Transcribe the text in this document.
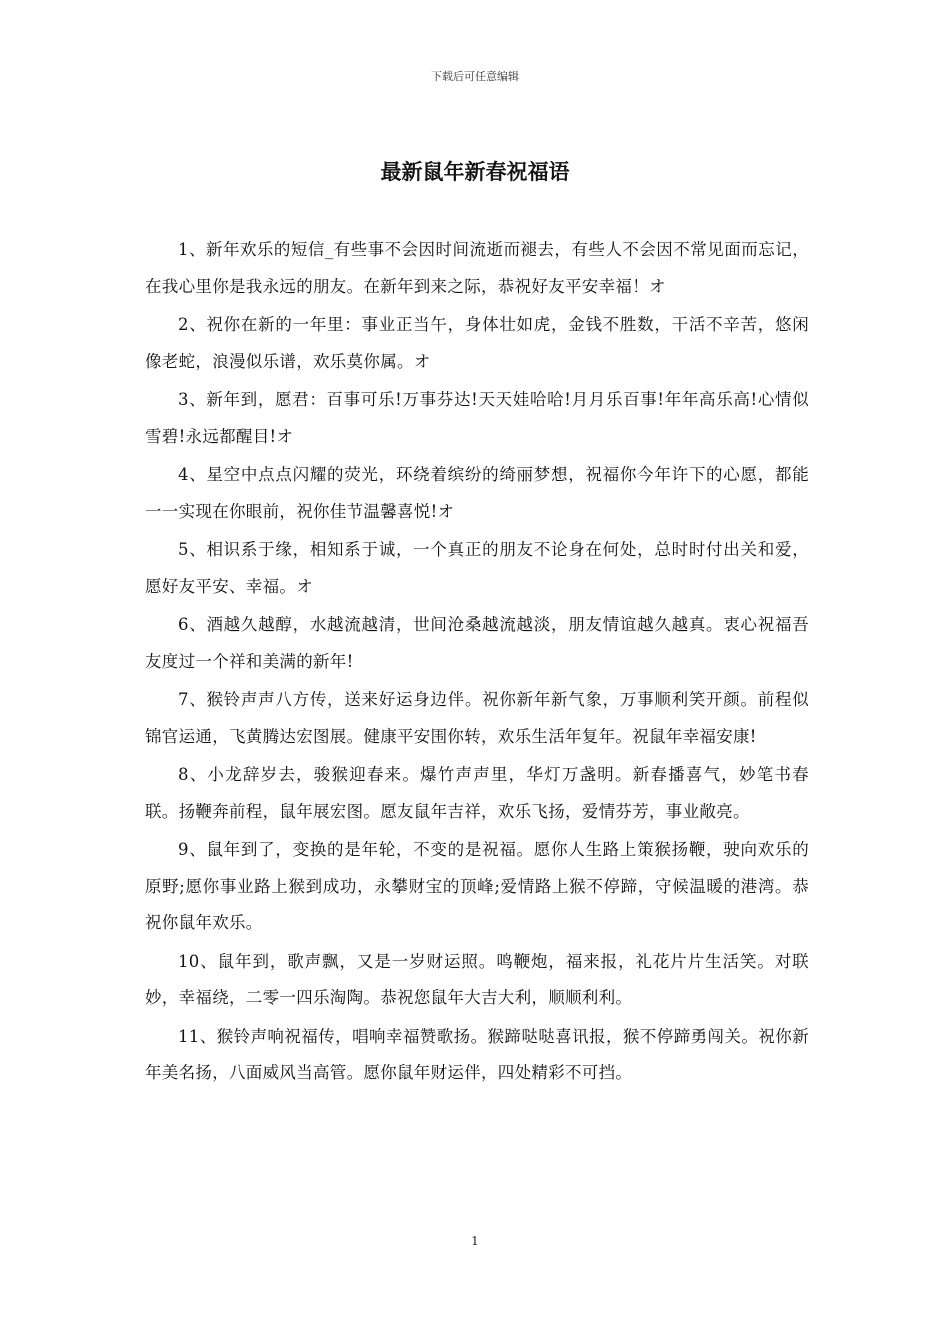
下载后可任意编辑
最新鼠年新春祝福语

1、新年欢乐的短信_有些事不会因时间流逝而褪去，有些人不会因不常见面而忘记，在我心里你是我永远的朋友。在新年到来之际，恭祝好友平安幸福！オ

2、祝你在新的一年里：事业正当午，身体壮如虎，金钱不胜数，干活不辛苦，悠闲像老蛇，浪漫似乐谱，欢乐莫你属。オ

3、新年到，愿君：百事可乐!万事芬达!天天娃哈哈!月月乐百事!年年高乐高!心情似雪碧!永远都醒目!オ

4、星空中点点闪耀的荧光，环绕着缤纷的绮丽梦想，祝福你今年许下的心愿，都能一一实现在你眼前，祝你佳节温馨喜悦!オ

5、相识系于缘，相知系于诚，一个真正的朋友不论身在何处，总时时付出关和爱，愿好友平安、幸福。オ

6、酒越久越醇，水越流越清，世间沧桑越流越淡，朋友情谊越久越真。衷心祝福吾友度过一个祥和美满的新年!

7、猴铃声声八方传，送来好运身边伴。祝你新年新气象，万事顺利笑开颜。前程似锦官运通，飞黄腾达宏图展。健康平安围你转，欢乐生活年复年。祝鼠年幸福安康!

8、小龙辞岁去，骏猴迎春来。爆竹声声里，华灯万盏明。新春播喜气，妙笔书春联。扬鞭奔前程，鼠年展宏图。愿友鼠年吉祥，欢乐飞扬，爱情芬芳，事业敞亮。

9、鼠年到了，变换的是年轮，不变的是祝福。愿你人生路上策猴扬鞭，驶向欢乐的原野;愿你事业路上猴到成功，永攀财宝的顶峰;爱情路上猴不停蹄，守候温暖的港湾。恭祝你鼠年欢乐。

10、鼠年到，歌声飘，又是一岁财运照。鸣鞭炮，福来报，礼花片片生活笑。对联妙，幸福绕，二零一四乐淘陶。恭祝您鼠年大吉大利，顺顺利利。

11、猴铃声响祝福传，唱响幸福赞歌扬。猴蹄哒哒喜讯报，猴不停蹄勇闯关。祝你新年美名扬，八面威风当高管。愿你鼠年财运伴，四处精彩不可挡。

1
